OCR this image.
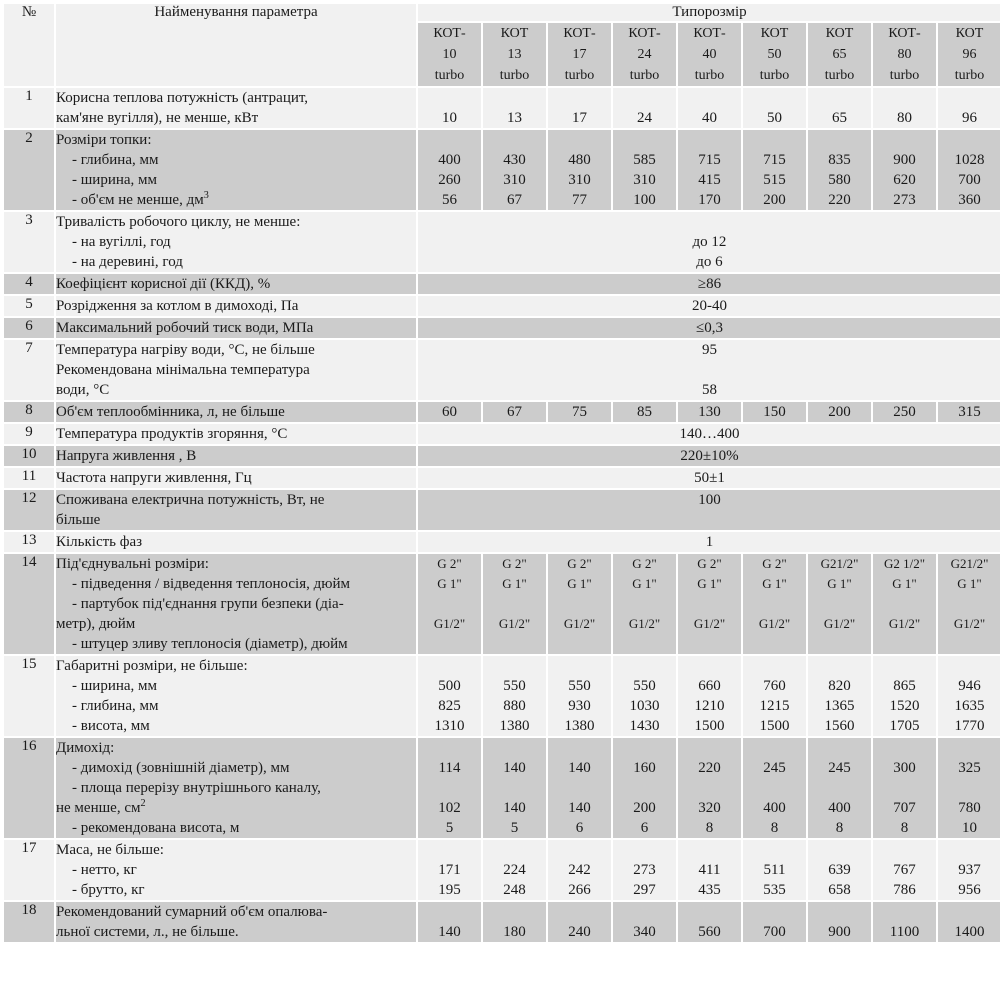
№	Найменування параметра	Типорозмір								
		КОТ-
10
turbo	КОТ
13
turbo	КОТ-
17
turbo	КОТ-
24
turbo	КОТ-
40
turbo	КОТ
50
turbo	КОТ
65
turbo	КОТ-
80
turbo	КОТ
96
turbo
1	Корисна теплова потужність (антрацит,
кам'яне вугілля), не менше, кВт	10	13	17	24	40	50	65	80	96

2	Розміри топки:
- глибина, мм
- ширина, мм
- об'єм не менше, $дм^3$	400
260
56	430
310
67	480
310
77	585
310
100	715
415
170	715
515
200	835
580
220	900
620
273	1028
700
360

3	Тривалість робочого циклу, не менше:
- на вугіллі, год
- на деревині, год	до 12
до 6								

4	Коефіцієнт корисної дії (ККД), %	≥86								

5	Розрідження за котлом в димоході, Па	20-40								

6	Максимальний робочий тиск води, МПа	≤0,3								

7	Температура нагріву води, °C, не більше
Рекомендована мінімальна температура
води, °C	95
58								

8	Об'єм теплообмінника, л, не більше	60	67	75	85	130	150	200	250	315

9	Температура продуктів згоряння, °C	140…400								

10	Напруга живлення , В	220±10%								

11	Частота напруги живлення, Гц	50±1								

12	Споживана електрична потужність, Вт, не
більше	100								

13	Кількість фаз	1								

14	Під'єднувальні розміри:
- підведення / відведення теплоносія, дюйм
- партубок під'єднання групи безпеки (діа-
метр), дюйм
- штуцер зливу теплоносія (діаметр), дюйм	G 2"
G 1"
G1/2"	G 2"
G 1"
G1/2"	G 2"
G 1"
G1/2"	G 2"
G 1"
G1/2"	G 2"
G 1"
G1/2"	G 2"
G 1"
G1/2"	G21/2"
G 1"
G1/2"	G2 1/2"
G 1"
G1/2"	G21/2"
G 1"
G1/2"

15	Габаритні розміри, не більше:
- ширина, мм
- глибина, мм
- висота, мм	500
825
1310	550
880
1380	550
930
1380	550
1030
1430	660
1210
1500	760
1215
1500	820
1365
1560	865
1520
1705	946
1635
1770

16	Димохід:
- димохід (зовнішній діаметр), мм
- площа перерізу внутрішнього каналу,
не менше, $см^2$
- рекомендована висота, м	114
102
5	140
140
5	140
140
6	160
200
6	220
320
8	245
400
8	245
400
8	300
707
8	325
780
10

17	Маса, не більше:
- нетто, кг
- брутто, кг	171
195	224
248	242
266	273
297	411
435	511
535	639
658	767
786	937
956

18	Рекомендований сумарний об'єм опалюва-
льної системи, л., не більше.	140	180	240	340	560	700	900	1100	1400
